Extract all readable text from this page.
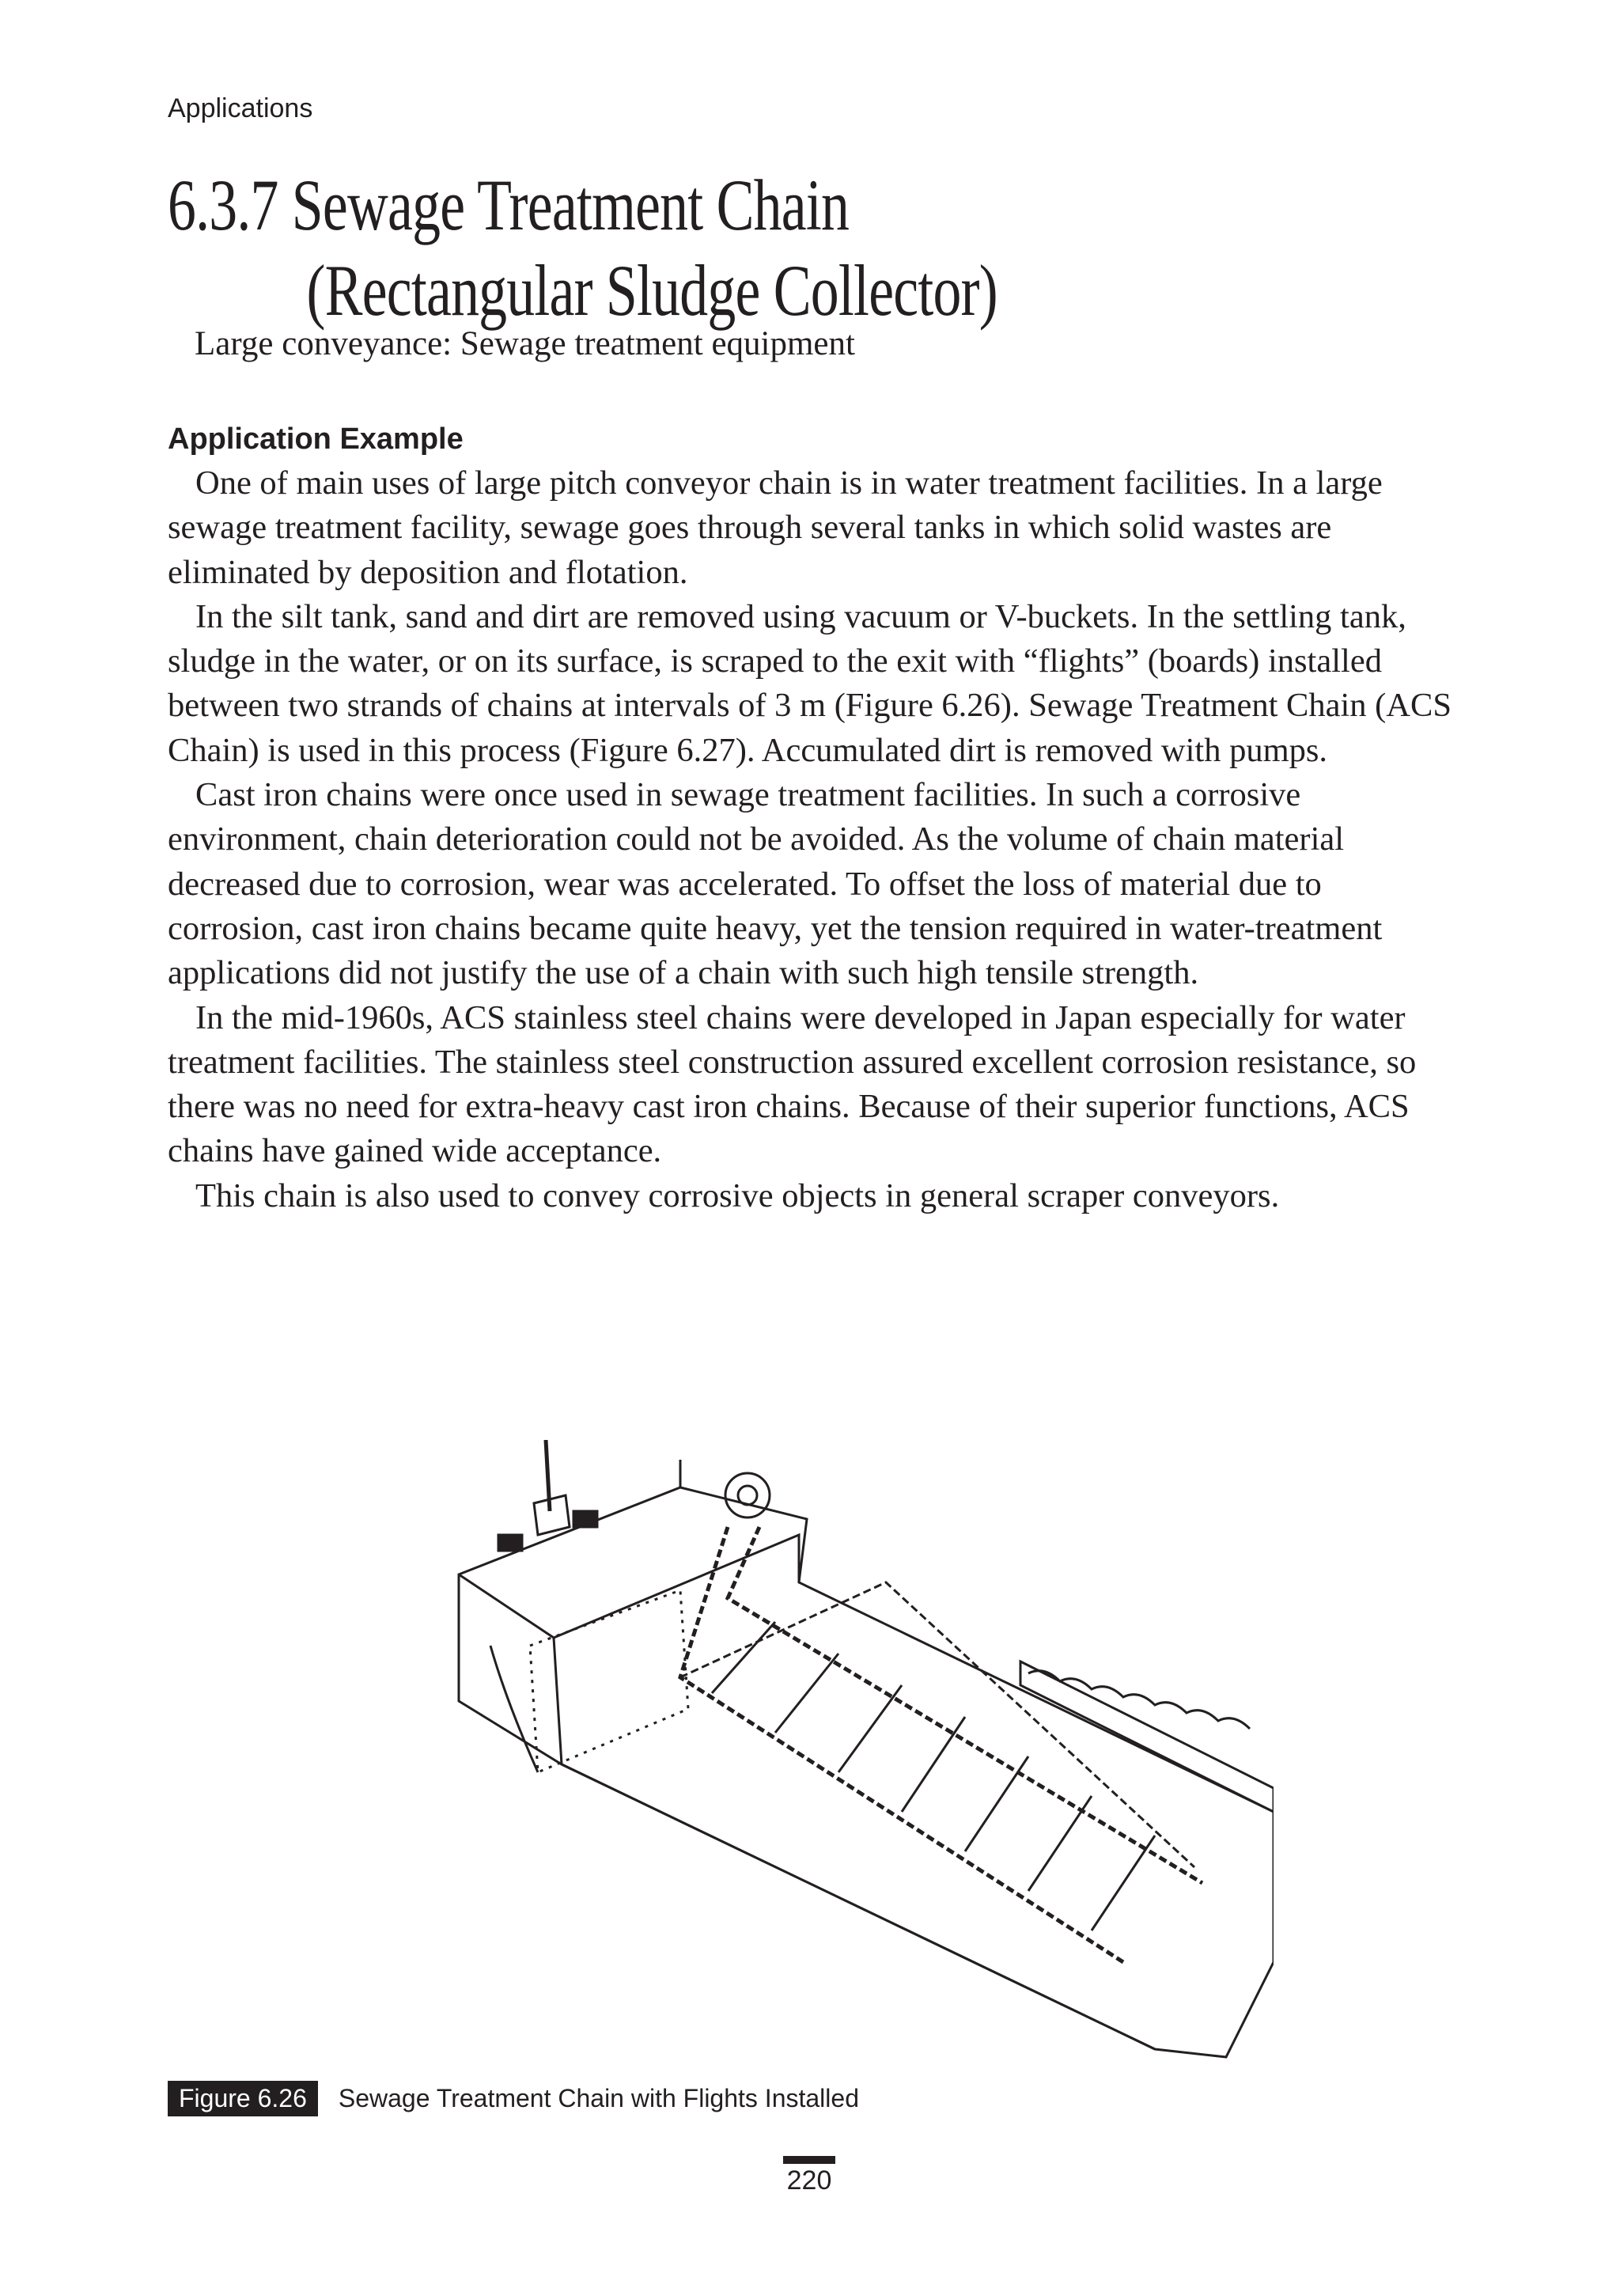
Applications
6.3.7 Sewage Treatment Chain
(Rectangular Sludge Collector)
Large conveyance: Sewage treatment equipment
Application Example

One of main uses of large pitch conveyor chain is in water treatment facilities. In a large sewage treatment facility, sewage goes through several tanks in which solid wastes are eliminated by deposition and flotation.

In the silt tank, sand and dirt are removed using vacuum or V-buckets. In the settling tank, sludge in the water, or on its surface, is scraped to the exit with “flights” (boards) installed between two strands of chains at intervals of 3 m (Figure 6.26). Sewage Treatment Chain (ACS Chain) is used in this process (Figure 6.27). Accumulated dirt is removed with pumps.

Cast iron chains were once used in sewage treatment facilities. In such a corrosive environment, chain deterioration could not be avoided. As the volume of chain material decreased due to corrosion, wear was accelerated. To offset the loss of material due to corrosion, cast iron chains became quite heavy, yet the tension required in water-treatment applications did not justify the use of a chain with such high tensile strength.

In the mid-1960s, ACS stainless steel chains were developed in Japan especially for water treatment facilities. The stainless steel construction assured excellent corrosion resistance, so there was no need for extra-heavy cast iron chains. Because of their superior functions, ACS chains have gained wide acceptance.

This chain is also used to convey corrosive objects in general scraper conveyors.

Figure 6.26	Sewage Treatment Chain with Flights Installed
220
